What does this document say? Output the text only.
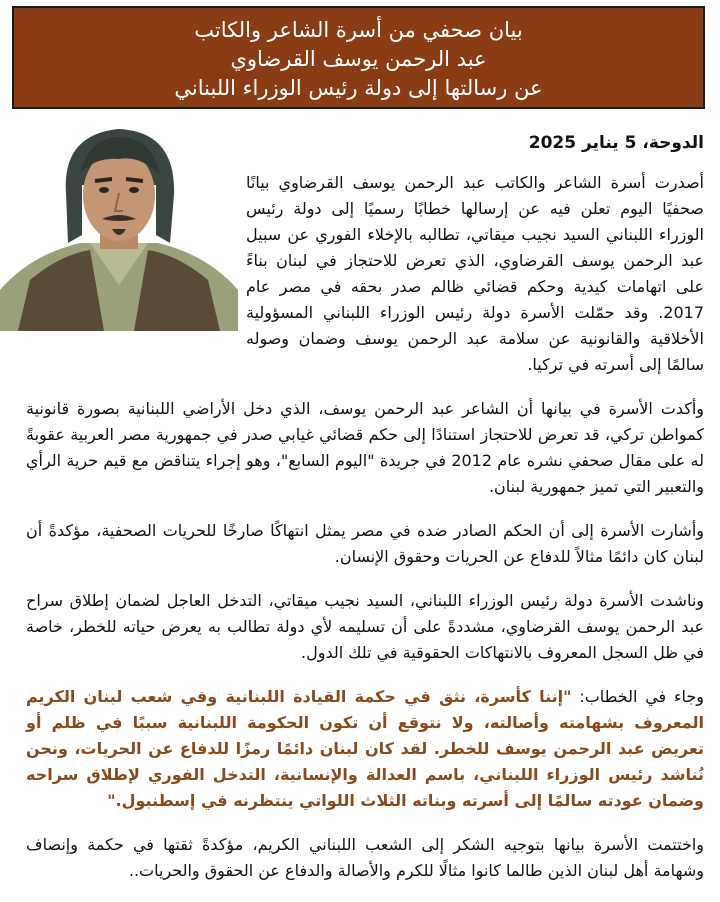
بيان صحفي من أسرة الشاعر والكاتب
عبد الرحمن يوسف القرضاوي
عن رسالتها إلى دولة رئيس الوزراء اللبناني
الدوحة، 5 يناير 2025

أصدرت أسرة الشاعر والكاتب عبد الرحمن يوسف القرضاوي بيانًا صحفيًا اليوم تعلن فيه عن إرسالها خطابًا رسميًا إلى دولة رئيس الوزراء اللبناني السيد نجيب ميقاتي، تطالبه بالإخلاء الفوري عن سبيل عبد الرحمن يوسف القرضاوي، الذي تعرض للاحتجاز في لبنان بناءً على اتهامات كيدية وحكم قضائي ظالم صدر بحقه في مصر عام 2017. وقد حمّلت الأسرة دولة رئيس الوزراء اللبناني المسؤولية الأخلاقية والقانونية عن سلامة عبد الرحمن يوسف وضمان وصوله سالمًا إلى أسرته في تركيا.

وأكدت الأسرة في بيانها أن الشاعر عبد الرحمن يوسف، الذي دخل الأراضي اللبنانية بصورة قانونية كمواطن تركي، قد تعرض للاحتجاز استنادًا إلى حكم قضائي غيابي صدر في جمهورية مصر العربية عقوبةً له على مقال صحفي نشره عام 2012 في جريدة "اليوم السابع"، وهو إجراء يتناقض مع قيم حرية الرأي والتعبير التي تميز جمهورية لبنان.

وأشارت الأسرة إلى أن الحكم الصادر ضده في مصر يمثل انتهاكًا صارخًا للحريات الصحفية، مؤكدةً أن لبنان كان دائمًا مثالاً للدفاع عن الحريات وحقوق الإنسان.

وناشدت الأسرة دولة رئيس الوزراء اللبناني، السيد نجيب ميقاتي، التدخل العاجل لضمان إطلاق سراح عبد الرحمن يوسف القرضاوي، مشددةً على أن تسليمه لأي دولة تطالب به يعرض حياته للخطر، خاصة في ظل السجل المعروف بالانتهاكات الحقوقية في تلك الدول.

وجاء في الخطاب: "إننا كأسرة، نثق في حكمة القيادة اللبنانية وفي شعب لبنان الكريم المعروف بشهامته وأصالته، ولا نتوقع أن تكون الحكومة اللبنانية سببًا في ظلم أو تعريض عبد الرحمن يوسف للخطر. لقد كان لبنان دائمًا رمزًا للدفاع عن الحريات، ونحن نُناشد رئيس الوزراء اللبناني، باسم العدالة والإنسانية، التدخل الفوري لإطلاق سراحه وضمان عودته سالمًا إلى أسرته وبناته الثلاث اللواتي ينتظرنه في إسطنبول."

واختتمت الأسرة بيانها بتوجيه الشكر إلى الشعب اللبناني الكريم، مؤكدةً ثقتها في حكمة وإنصاف وشهامة أهل لبنان الذين طالما كانوا مثالًا للكرم والأصالة والدفاع عن الحقوق والحريات..
